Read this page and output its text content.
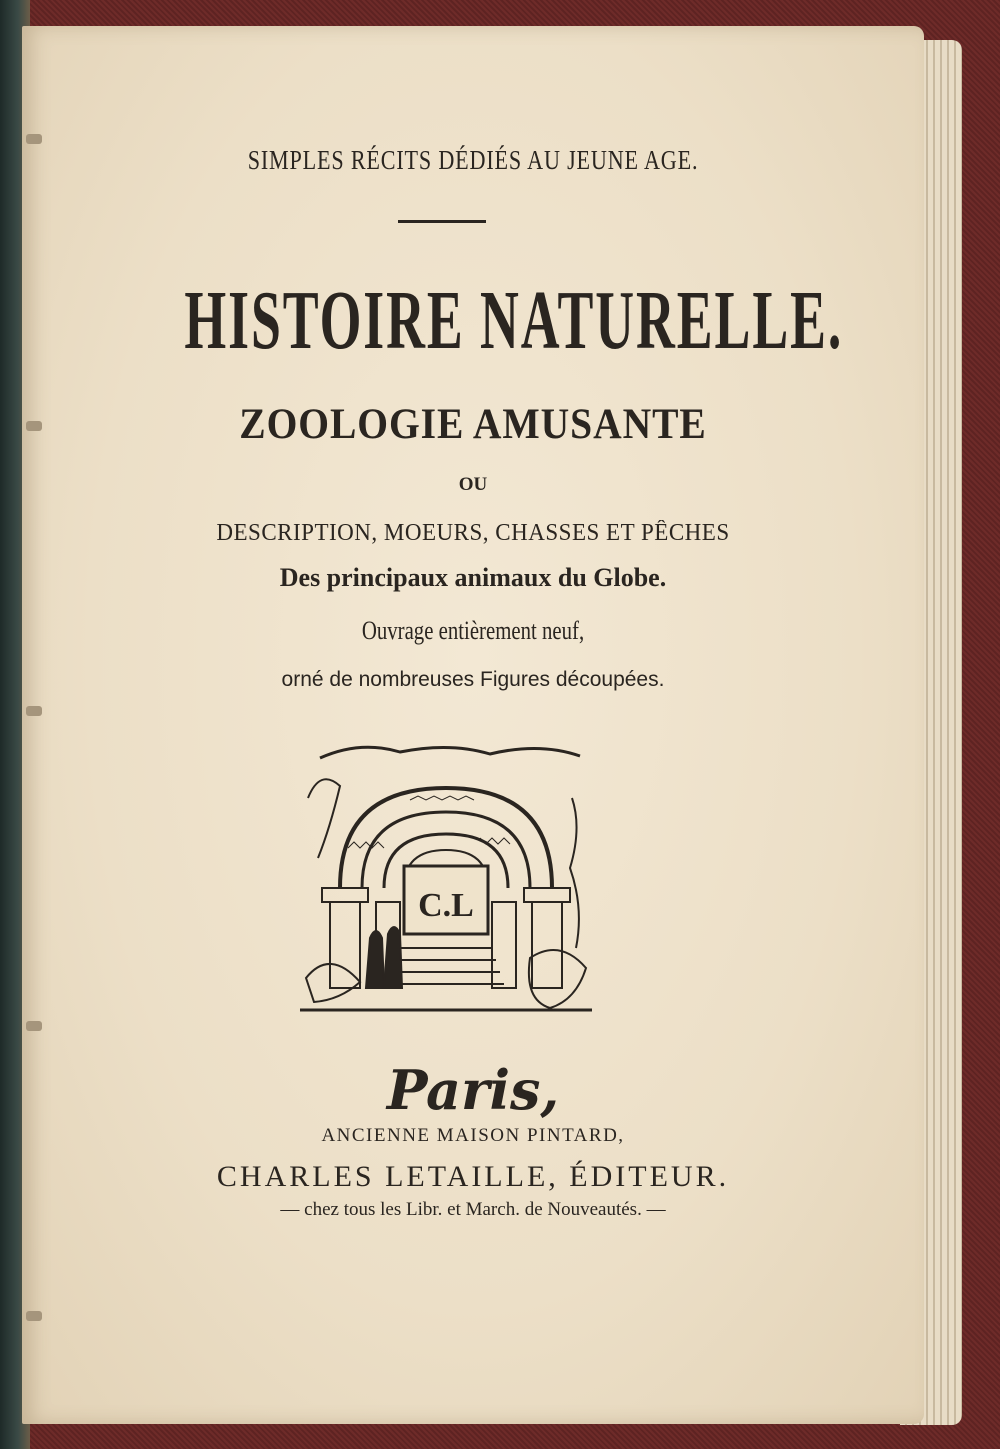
SIMPLES RÉCITS DÉDIÉS AU JEUNE AGE.
HISTOIRE NATURELLE.
ZOOLOGIE AMUSANTE
OU
DESCRIPTION, MOEURS, CHASSES ET PÊCHES
Des principaux animaux du Globe.
Ouvrage entièrement neuf,
orné de nombreuses Figures découpées.
C.L
Paris,
ANCIENNE MAISON PINTARD,
CHARLES LETAILLE, ÉDITEUR.
— chez tous les Libr. et March. de Nouveautés. —
